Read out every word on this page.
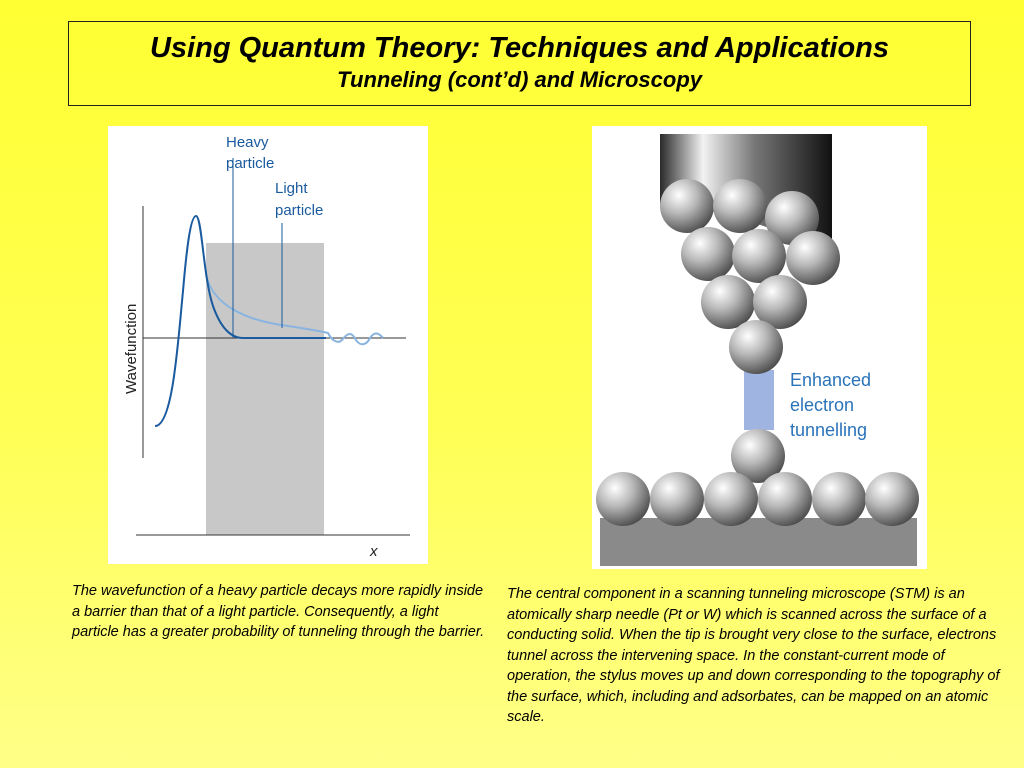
Using Quantum Theory: Techniques and Applications
Tunneling (cont’d) and Microscopy
Heavy
particle
Light
particle
Wavefunction
x
Enhanced
electron
tunnelling
The wavefunction of a heavy particle decays more rapidly inside a barrier than that of a light particle. Consequently, a light particle has a greater probability of tunneling through the barrier.
The central component in a scanning tunneling microscope (STM) is an atomically sharp needle (Pt or W) which is scanned across the surface of a conducting solid. When the tip is brought very close to the surface, electrons tunnel across the intervening space. In the constant-current mode of operation, the stylus moves up and down corresponding to the topography of the surface, which, including and adsorbates, can be mapped on an atomic scale.
